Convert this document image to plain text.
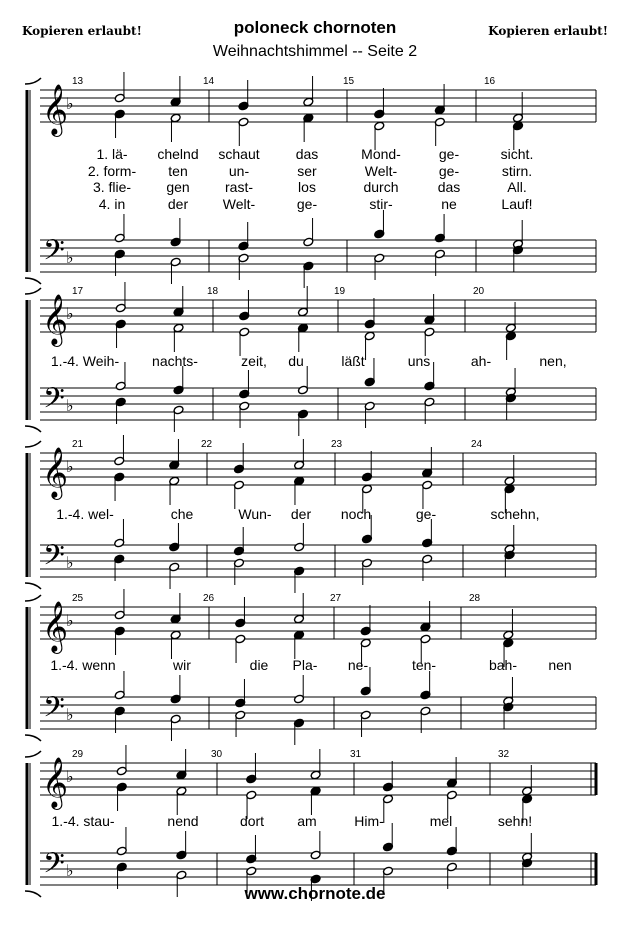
Kopieren erlaubt!	poloneck chornoten	Kopieren erlaubt!
Weihnachtshimmel -- Seite 2
𝄞
𝄢
♭
♭
13	14	15	16
1. lä- chelnd schaut	das	Mond-	ge-	sicht.
2. form- ten	un-	ser	Welt-	ge-	stirn.
3. flie-	gen	rast-	los	durch	das	All.
4. in	der Welt-	ge-	stir-	ne	Lauf!
𝄞
𝄢
♭
♭
17	18	19	20
1.-4. Weih- nachts-	zeit, du	läßt	uns	ah-	nen,
𝄞
𝄢
♭
♭
21	22	23	24
1.-4. wel-	che	Wun- der noch	ge-	schehn,
𝄞
𝄢
♭
♭
25	26	27	28
1.-4. wenn	wir	die Pla- ne-	ten-	bah- nen
𝄞
𝄢
♭
♭
29	30	31	32
1.-4. stau-	nend	dort am	Him-	mel	sehn!
www.chornote.de
